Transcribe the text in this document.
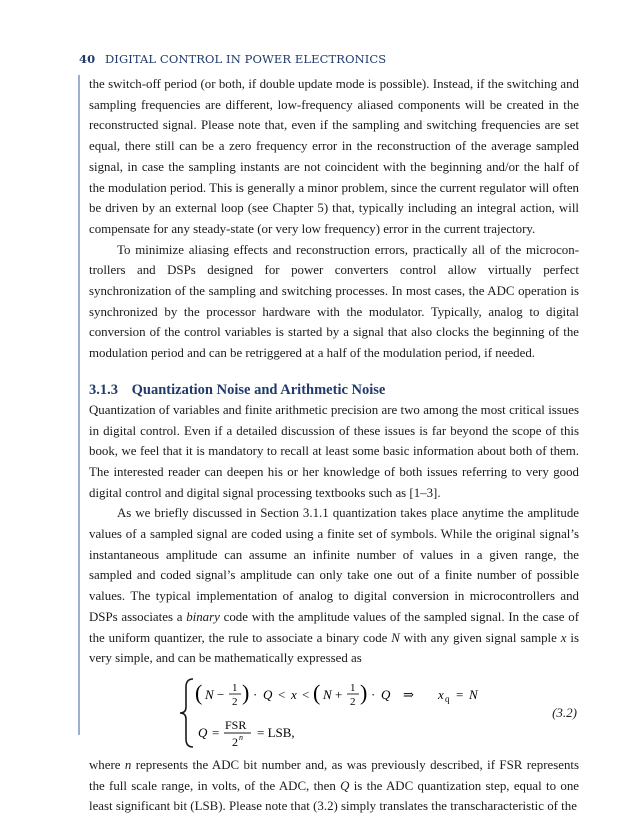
40 DIGITAL CONTROL IN POWER ELECTRONICS

the switch-off period (or both, if double update mode is possible). Instead, if the switching and sampling frequencies are different, low-frequency aliased components will be created in the reconstructed signal. Please note that, even if the sampling and switching frequencies are set equal, there still can be a zero frequency error in the reconstruction of the average sampled signal, in case the sampling instants are not coincident with the beginning and/or the half of the modulation period. This is generally a minor problem, since the current regulator will often be driven by an external loop (see Chapter 5) that, typically including an integral action, will compensate for any steady-state (or very low frequency) error in the current trajectory.

To minimize aliasing effects and reconstruction errors, practically all of the microcon-trollers and DSPs designed for power converters control allow virtually perfect synchronization of the sampling and switching processes. In most cases, the ADC operation is synchronized by the processor hardware with the modulator. Typically, analog to digital conversion of the control variables is started by a signal that also clocks the beginning of the modulation period and can be retriggered at a half of the modulation period, if needed.

3.1.3 Quantization Noise and Arithmetic Noise

Quantization of variables and finite arithmetic precision are two among the most critical issues in digital control. Even if a detailed discussion of these issues is far beyond the scope of this book, we feel that it is mandatory to recall at least some basic information about both of them. The interested reader can deepen his or her knowledge of both issues referring to very good digital control and digital signal processing textbooks such as [1–3].

As we briefly discussed in Section 3.1.1 quantization takes place anytime the amplitude values of a sampled signal are coded using a finite set of symbols. While the original signal’s instantaneous amplitude can assume an infinite number of values in a given range, the sampled and coded signal’s amplitude can only take one out of a finite number of possible values. The typical implementation of analog to digital conversion in microcontrollers and DSPs associates a binary code with the amplitude values of the sampled signal. In the case of the uniform quantizer, the rule to associate a binary code N with any given signal sample x is very simple, and can be mathematically expressed as

( N − 1
2 ) · Q < x < ( N + 1
2 ) · Q ⇒ x q = N
Q = FSR
2 n = LSB,
(3.2)

where n represents the ADC bit number and, as was previously described, if FSR represents the full scale range, in volts, of the ADC, then Q is the ADC quantization step, equal to one least significant bit (LSB). Please note that (3.2) simply translates the transcharacteristic of the
